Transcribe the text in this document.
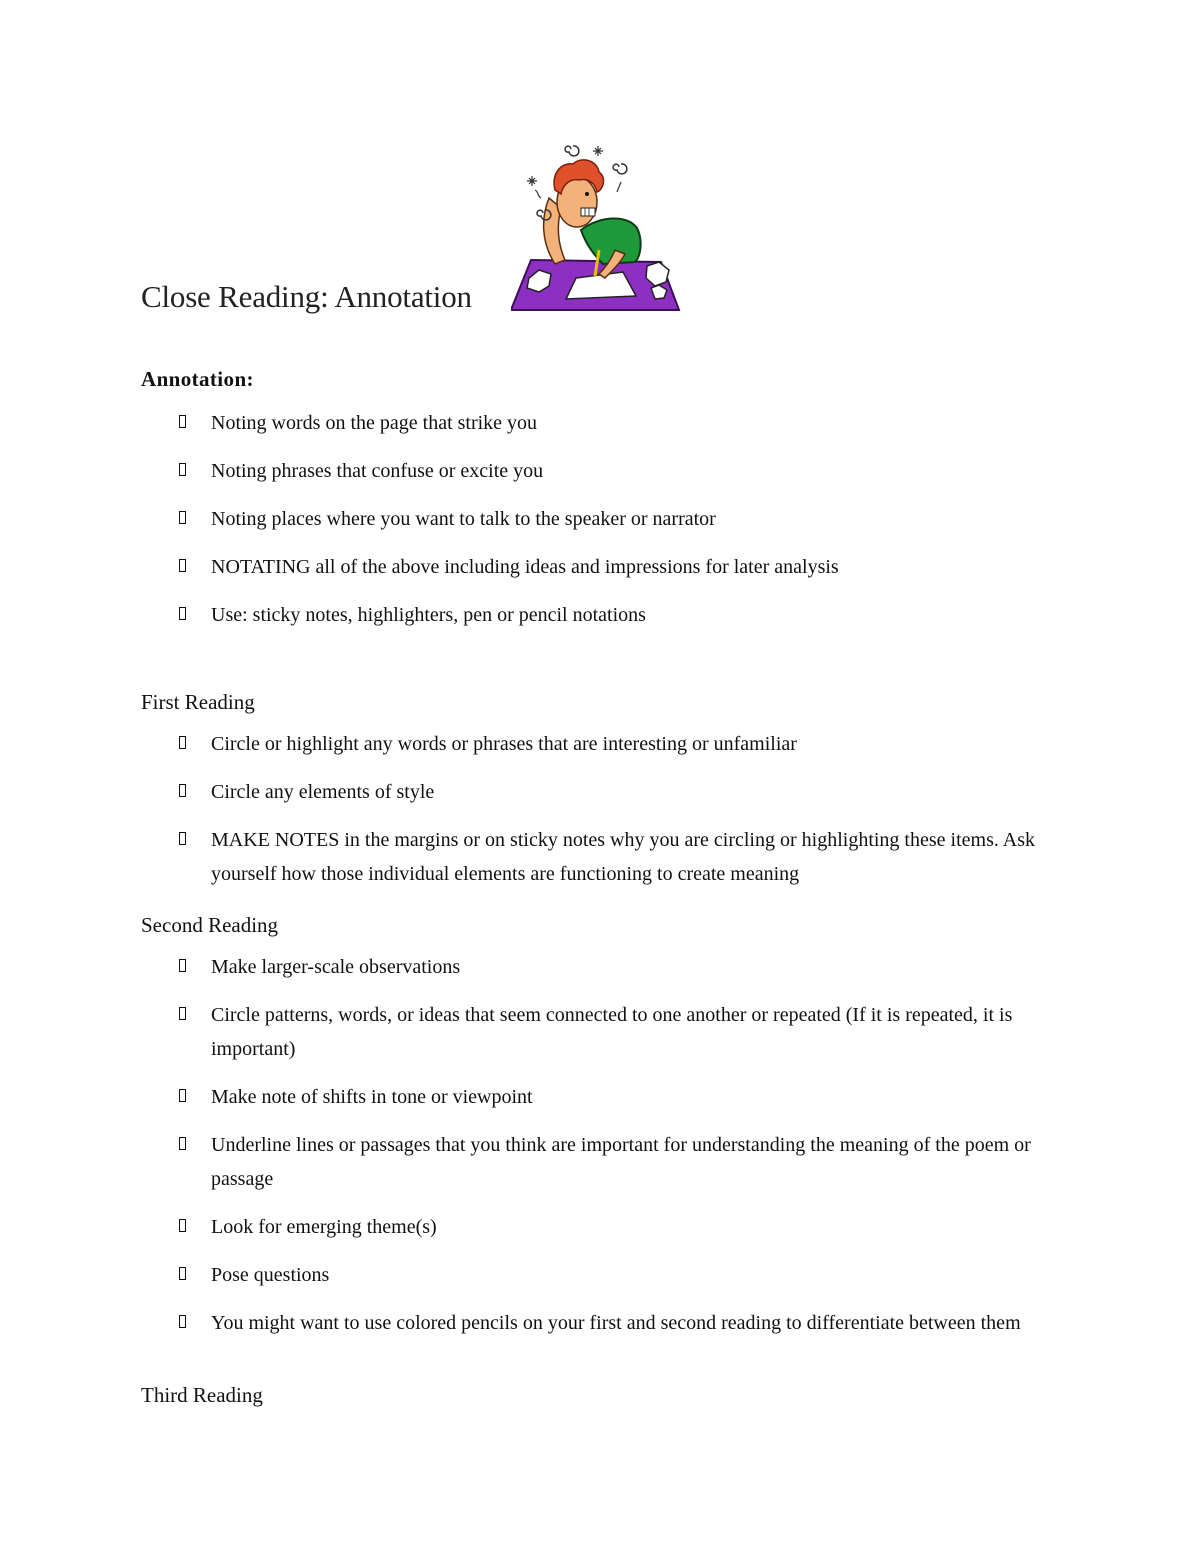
Close Reading: Annotation
Annotation:
Noting words on the page that strike you
Noting phrases that confuse or excite you
Noting places where you want to talk to the speaker or narrator
NOTATING all of the above including ideas and impressions for later analysis
Use: sticky notes, highlighters, pen or pencil notations
First Reading
Circle or highlight any words or phrases that are interesting or unfamiliar
Circle any elements of style
MAKE NOTES in the margins or on sticky notes why you are circling or highlighting these items. Ask yourself how those individual elements are functioning to create meaning
Second Reading
Make larger-scale observations
Circle patterns, words, or ideas that seem connected to one another or repeated (If it is repeated, it is important)
Make note of shifts in tone or viewpoint
Underline lines or passages that you think are important for understanding the meaning of the poem or passage
Look for emerging theme(s)
Pose questions
You might want to use colored pencils on your first and second reading to differentiate between them
Third Reading
